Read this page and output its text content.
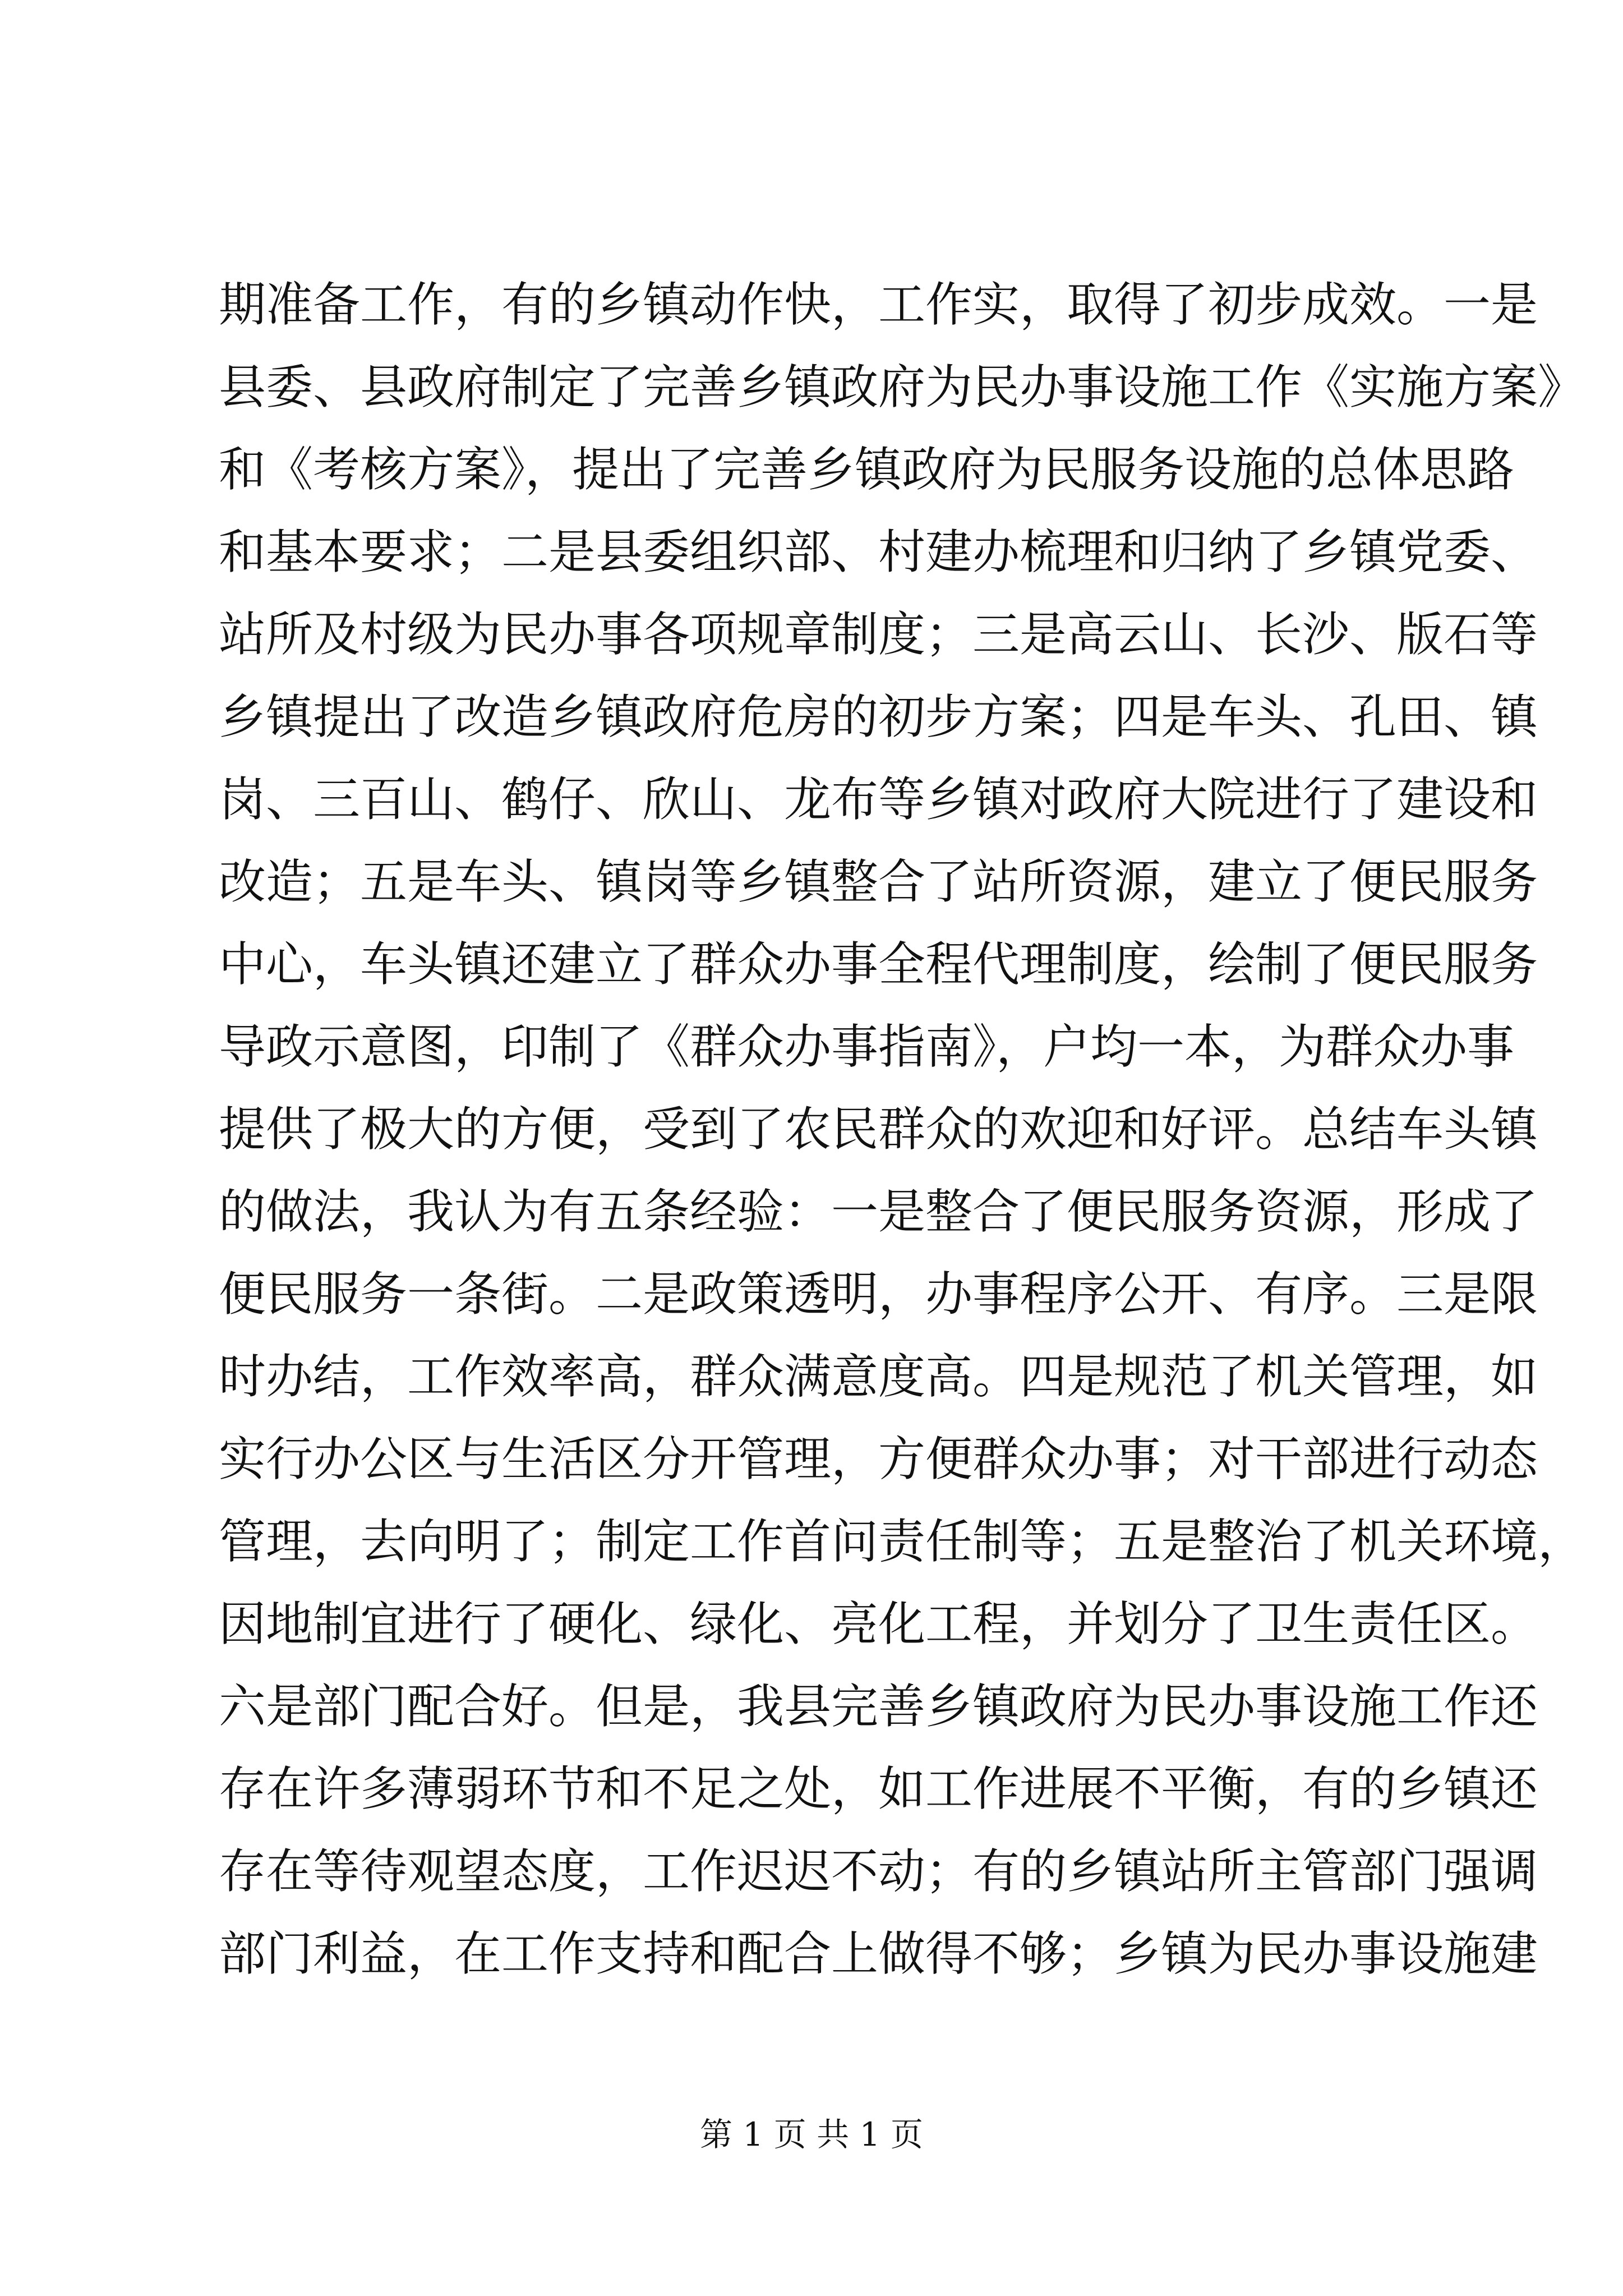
期准备工作，有的乡镇动作快，工作实，取得了初步成效。一是
县委、县政府制定了完善乡镇政府为民办事设施工作《实施方案》
和《考核方案》，提出了完善乡镇政府为民服务设施的总体思路
和基本要求；二是县委组织部、村建办梳理和归纳了乡镇党委、
站所及村级为民办事各项规章制度；三是高云山、长沙、版石等
乡镇提出了改造乡镇政府危房的初步方案；四是车头、孔田、镇
岗、三百山、鹤仔、欣山、龙布等乡镇对政府大院进行了建设和
改造；五是车头、镇岗等乡镇整合了站所资源，建立了便民服务
中心，车头镇还建立了群众办事全程代理制度，绘制了便民服务
导政示意图，印制了《群众办事指南》，户均一本，为群众办事
提供了极大的方便，受到了农民群众的欢迎和好评。总结车头镇
的做法，我认为有五条经验：一是整合了便民服务资源，形成了
便民服务一条街。二是政策透明，办事程序公开、有序。三是限
时办结，工作效率高，群众满意度高。四是规范了机关管理，如
实行办公区与生活区分开管理，方便群众办事；对干部进行动态
管理，去向明了；制定工作首问责任制等；五是整治了机关环境，
因地制宜进行了硬化、绿化、亮化工程，并划分了卫生责任区。
六是部门配合好。但是，我县完善乡镇政府为民办事设施工作还
存在许多薄弱环节和不足之处，如工作进展不平衡，有的乡镇还
存在等待观望态度，工作迟迟不动；有的乡镇站所主管部门强调
部门利益，在工作支持和配合上做得不够；乡镇为民办事设施建
第 1 页 共 1 页
